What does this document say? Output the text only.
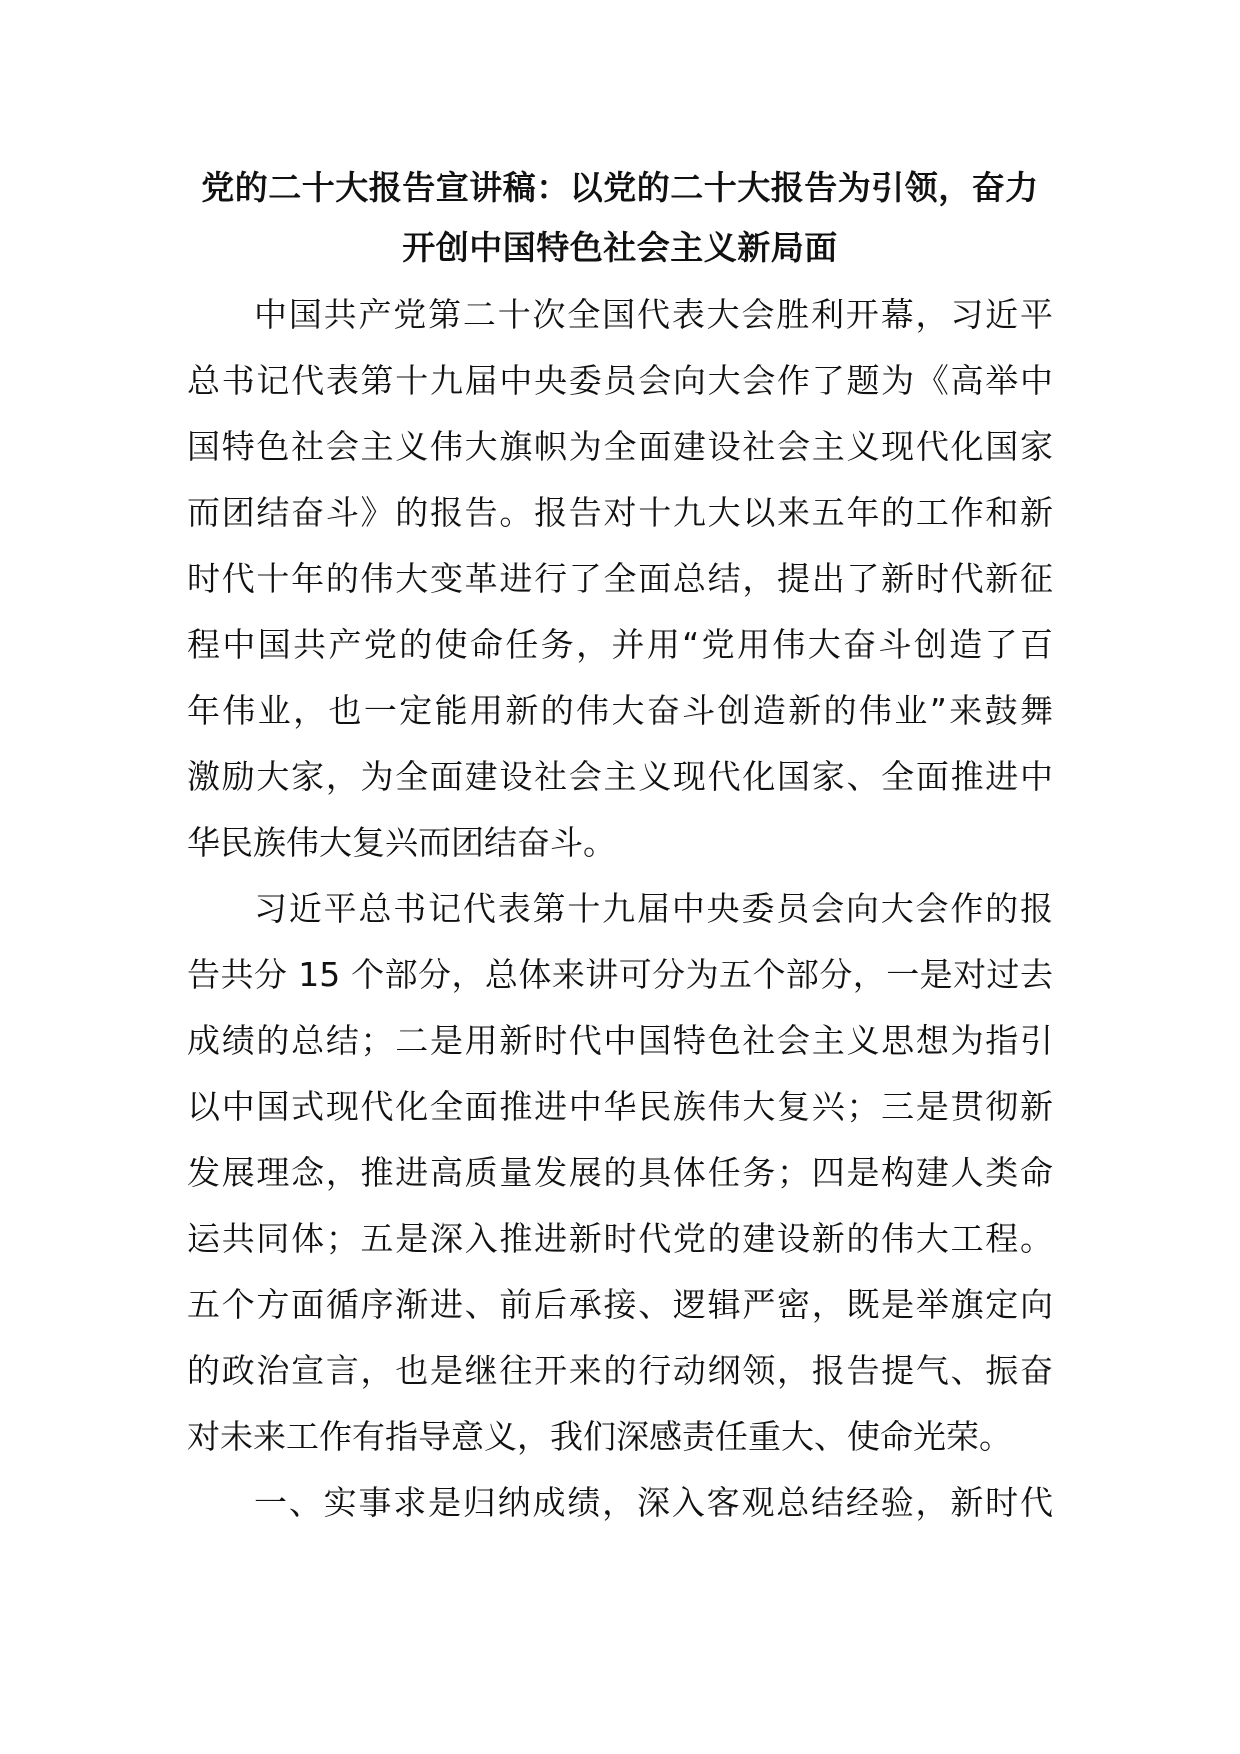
党的二十大报告宣讲稿：以党的二十大报告为引领，奋力
开创中国特色社会主义新局面
中国共产党第二十次全国代表大会胜利开幕，习近平
总书记代表第十九届中央委员会向大会作了题为《高举中
国特色社会主义伟大旗帜为全面建设社会主义现代化国家
而团结奋斗》的报告。报告对十九大以来五年的工作和新
时代十年的伟大变革进行了全面总结，提出了新时代新征
程中国共产党的使命任务，并用“党用伟大奋斗创造了百
年伟业，也一定能用新的伟大奋斗创造新的伟业”来鼓舞
激励大家，为全面建设社会主义现代化国家、全面推进中
华民族伟大复兴而团结奋斗。
习近平总书记代表第十九届中央委员会向大会作的报
告共分 15 个部分，总体来讲可分为五个部分，一是对过去
成绩的总结；二是用新时代中国特色社会主义思想为指引
以中国式现代化全面推进中华民族伟大复兴；三是贯彻新
发展理念，推进高质量发展的具体任务；四是构建人类命
运共同体；五是深入推进新时代党的建设新的伟大工程。
五个方面循序渐进、前后承接、逻辑严密，既是举旗定向
的政治宣言，也是继往开来的行动纲领，报告提气、振奋
对未来工作有指导意义，我们深感责任重大、使命光荣。
一、实事求是归纳成绩，深入客观总结经验，新时代
